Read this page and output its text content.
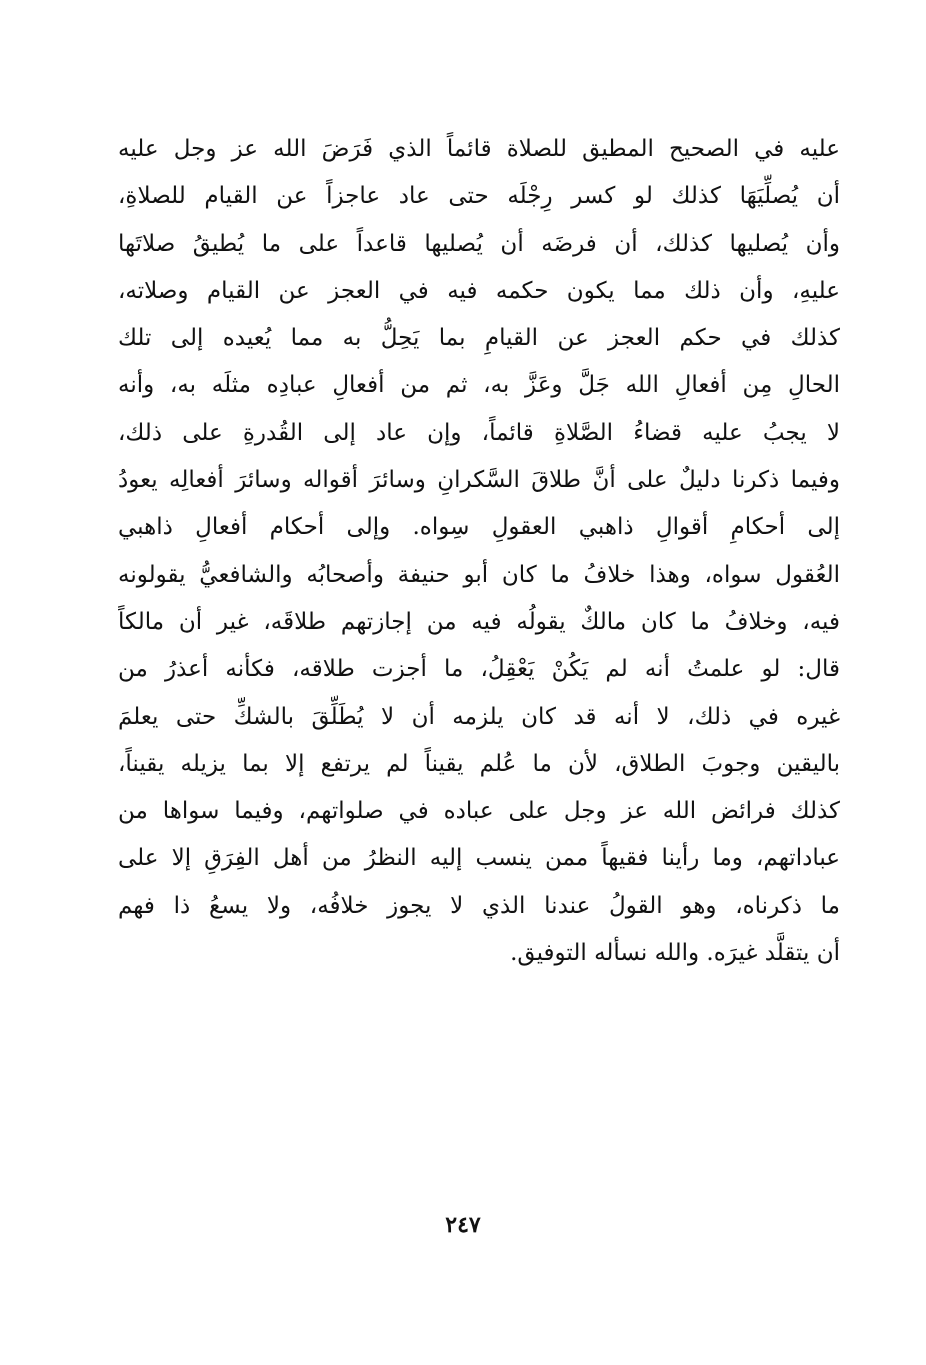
عليه في الصحيح المطيق للصلاة قائماً الذي فَرَضَ الله عز وجل عليه
أن يُصلِّيَهَا كذلك لو كسر رِجْلَه حتى عاد عاجزاً عن القيام للصلاةِ،
وأن يُصليها كذلك، أن فرضَه أن يُصليها قاعداً على ما يُطيقُ صلاتَها
عليهِ، وأن ذلك مما يكون حكمه فيه في العجز عن القيام وصلاته،
كذلك في حكم العجز عن القيامِ بما يَحِلُّ به مما يُعيده إلى تلك
الحالِ مِن أفعالِ الله جَلَّ وعَزَّ به، ثم من أفعالِ عبادِه مثلَه به، وأنه
لا يجبُ عليه قضاءُ الصَّلاةِ قائماً، وإن عاد إلى القُدرةِ على ذلك،
وفيما ذكرنا دليلٌ على أنَّ طلاقَ السَّكرانِ وسائرَ أقواله وسائرَ أفعالِه يعودُ
إلى أحكامِ أقوالِ ذاهبي العقولِ سِواه. وإلى أحكام أفعالِ ذاهبي
العُقول سواه، وهذا خلافُ ما كان أبو حنيفة وأصحابُه والشافعيُّ يقولونه
فيه، وخلافُ ما كان مالكٌ يقولُه فيه من إجازتهم طلاقَه، غير أن مالكاً
قال: لو علمتُ أنه لم يَكُنْ يَعْقِلُ، ما أجزت طلاقه، فكأنه أعذرُ من
غيره في ذلك، لا أنه قد كان يلزمه أن لا يُطَلِّقَ بالشكِّ حتى يعلمَ
باليقين وجوبَ الطلاق، لأن ما عُلم يقيناً لم يرتفع إلا بما يزيله يقيناً،
كذلك فرائض الله عز وجل على عباده في صلواتهم، وفيما سواها من
عباداتهم، وما رأينا فقيهاً ممن ينسب إليه النظرُ من أهل الفِرَقِ إلا على
ما ذكرناه، وهو القولُ عندنا الذي لا يجوز خلافُه، ولا يسعُ ذا فهم
أن يتقلَّد غيرَه. والله نسأله التوفيق.
٢٤٧
